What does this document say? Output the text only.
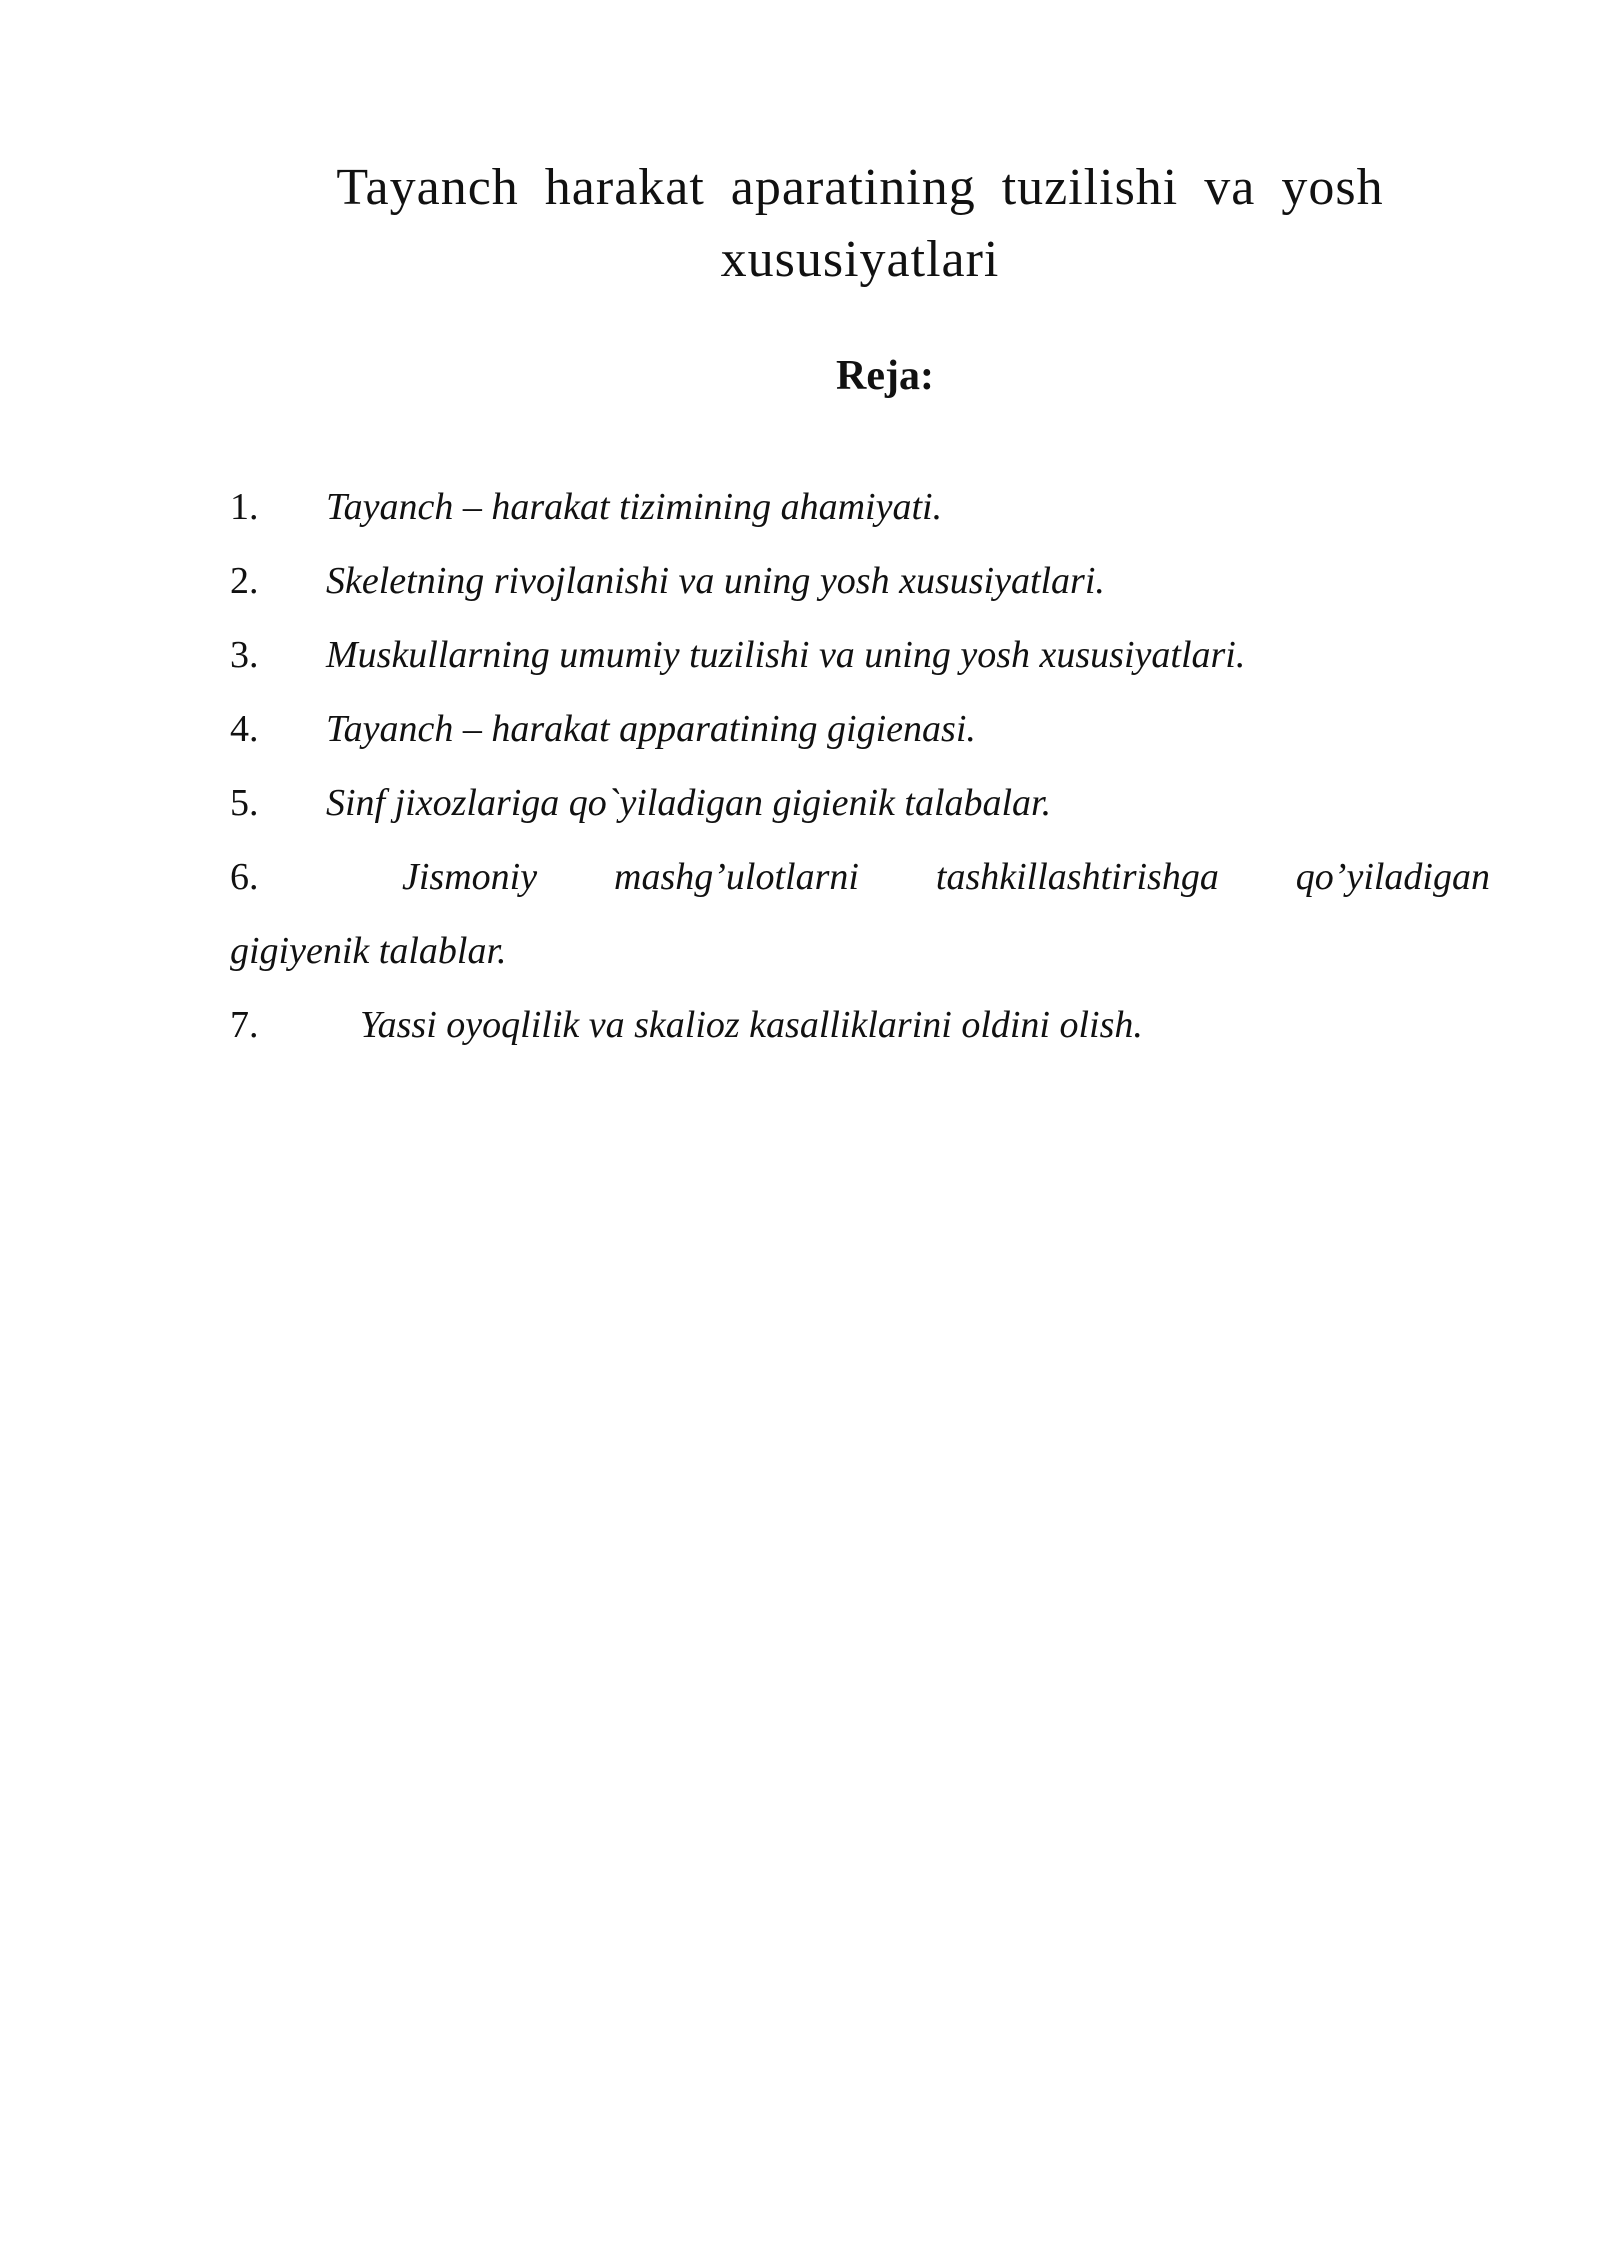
Tayanch harakat aparatining tuzilishi va yosh xususiyatlari
Reja:
1. Tayanch – harakat tizimining ahamiyati.
2. Skeletning rivojlanishi va uning yosh xususiyatlari.
3. Muskullarning umumiy tuzilishi va uning yosh xususiyatlari.
4. Tayanch – harakat apparatining gigienasi.
5. Sinf jixozlariga qo`yiladigan gigienik talabalar.
6.	Jismoniy mashg’ulotlarni tashkillashtirishga qo’yiladigan
gigiyenik talablar.
7.	Yassi oyoqlilik va skalioz kasalliklarini oldini olish.
